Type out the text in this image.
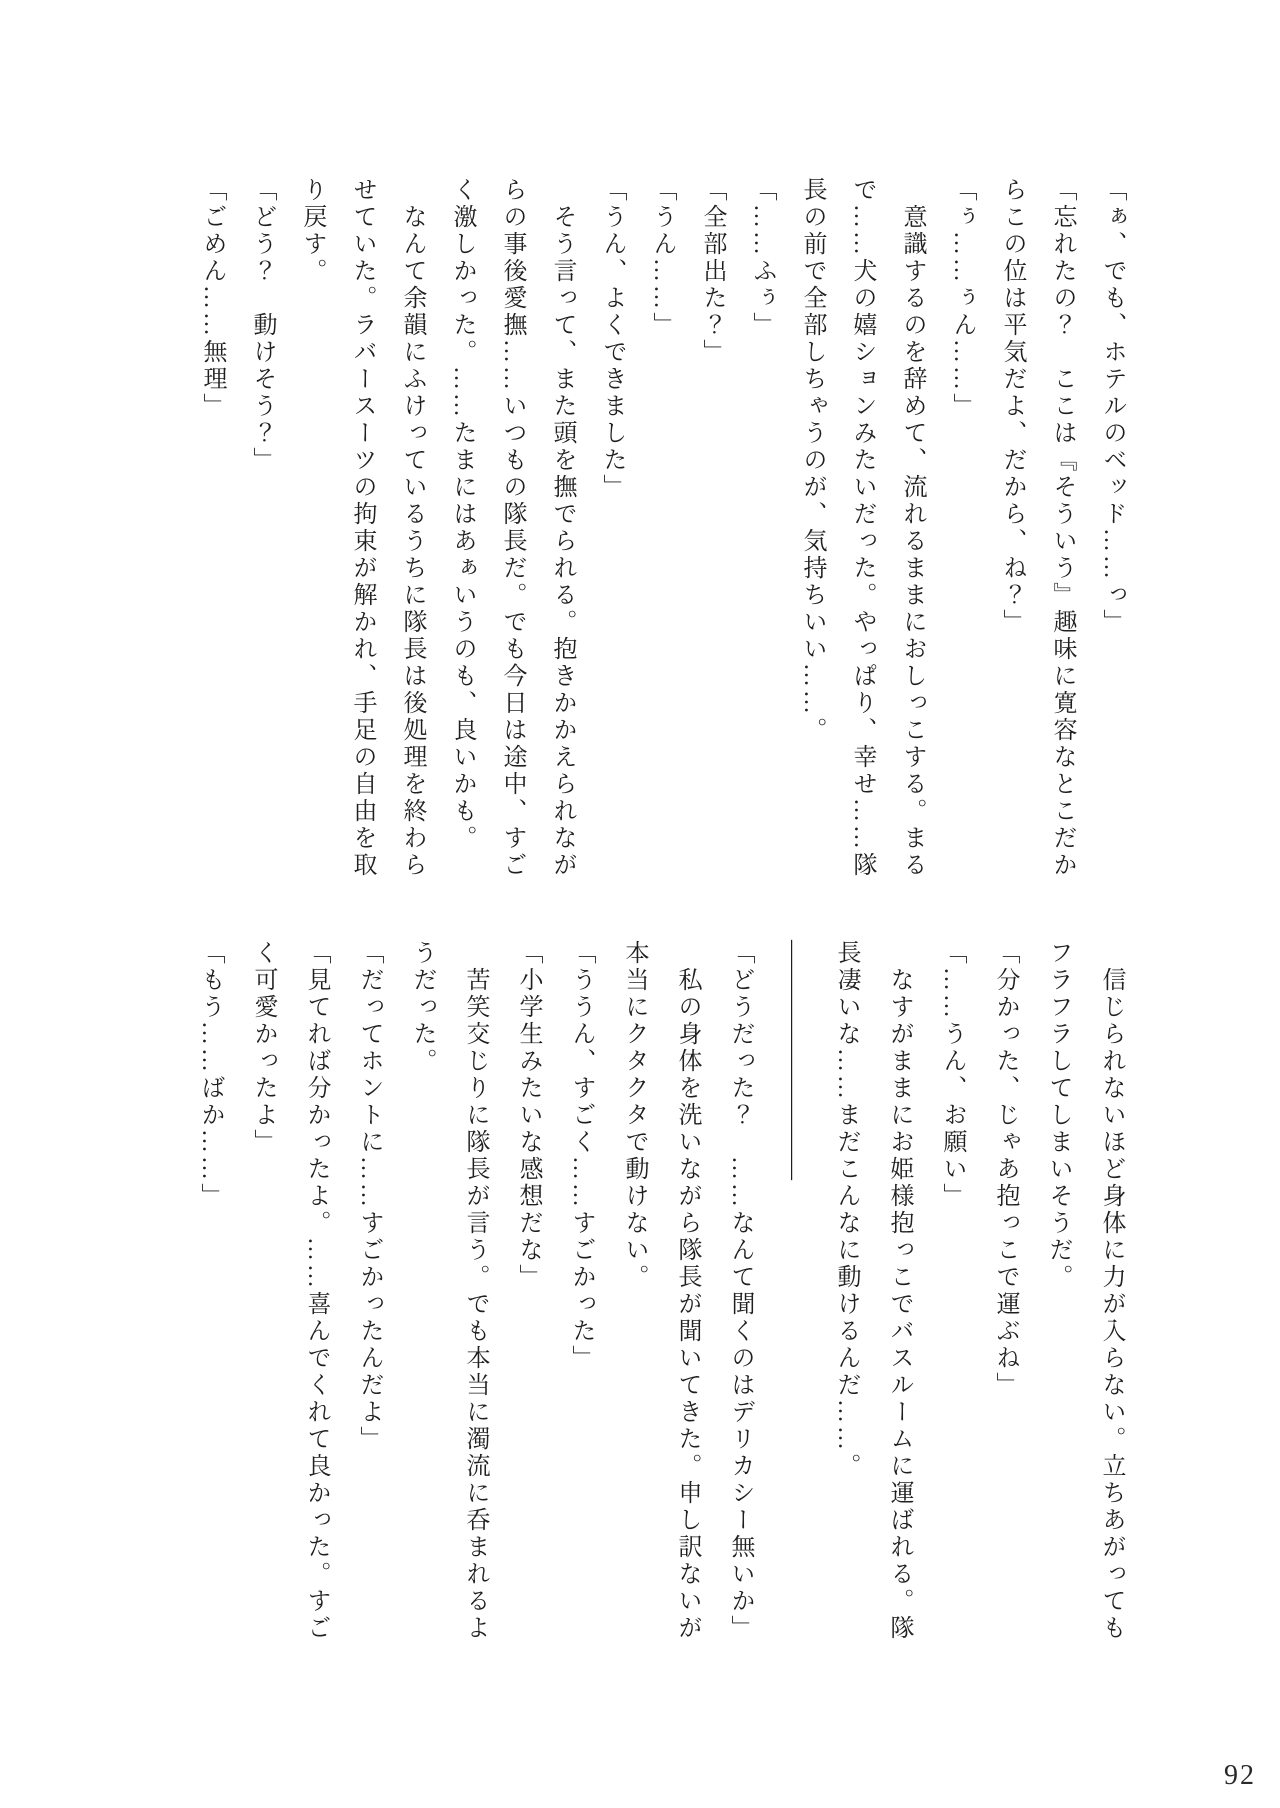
「ぁ、でも、ホテルのベッド……っ」

「忘れたの？　ここは『そういう』趣味に寛容なとこだか

らこの位は平気だよ、だから、ね？」

「ぅ……ぅん……」

　意識するのを辞めて、流れるままにおしっこする。まる

で……犬の嬉ションみたいだった。やっぱり、幸せ……隊

長の前で全部しちゃうのが、気持ちいい……。

「……ふぅ」

「全部出た？」

「うん……」

「うん、よくできました」

　そう言って、また頭を撫でられる。抱きかかえられなが

らの事後愛撫……いつもの隊長だ。でも今日は途中、すご

く激しかった。……たまにはあぁいうのも、良いかも。

　なんて余韻にふけっているうちに隊長は後処理を終わら

せていた。ラバースーツの拘束が解かれ、手足の自由を取

り戻す。

「どう？　動けそう？」

「ごめん……無理」

　信じられないほど身体に力が入らない。立ちあがっても

フラフラしてしまいそうだ。

「分かった、じゃあ抱っこで運ぶね」

「……うん、お願い」

　なすがままにお姫様抱っこでバスルームに運ばれる。隊

長凄いな……まだこんなに動けるんだ……。

――――――――――

「どうだった？　……なんて聞くのはデリカシー無いか」

　私の身体を洗いながら隊長が聞いてきた。申し訳ないが

本当にクタクタで動けない。

「ううん、すごく……すごかった」

「小学生みたいな感想だな」

　苦笑交じりに隊長が言う。でも本当に濁流に呑まれるよ

うだった。

「だってホントに……すごかったんだよ」

「見てれば分かったよ。……喜んでくれて良かった。すご

く可愛かったよ」

「もう……ばか……」

92
